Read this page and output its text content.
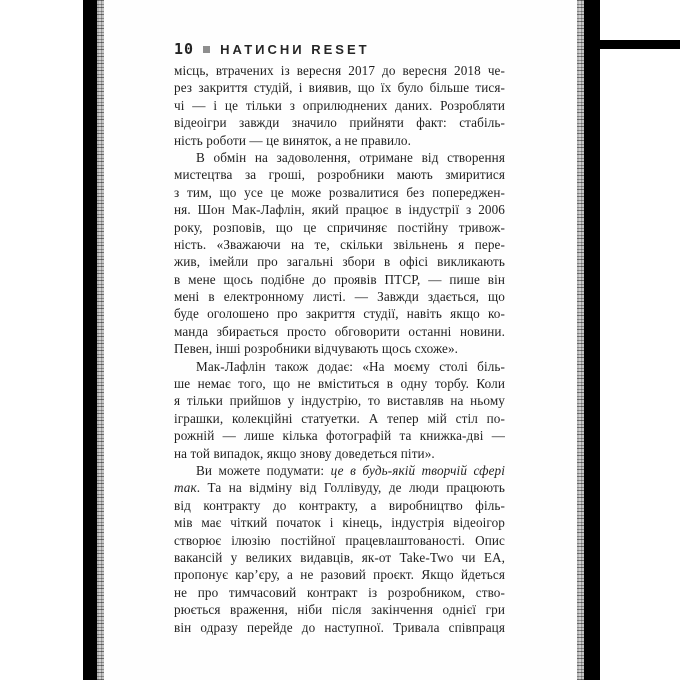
10 НАТИСНИ RESET
місць, втрачених із вересня 2017 до вересня 2018 че-
рез закриття студій, і виявив, що їх було більше тися-
чі — і це тільки з оприлюднених даних. Розробляти
відеоігри завжди значило прийняти факт: стабіль-
ність роботи — це виняток, а не правило.
В обмін на задоволення, отримане від створення
мистецтва за гроші, розробники мають змиритися
з тим, що усе це може розвалитися без попереджен-
ня. Шон Мак-Лафлін, який працює в індустрії з 2006
року, розповів, що це спричиняє постійну тривож-
ність. «Зважаючи на те, скільки звільнень я пере-
жив, імейли про загальні збори в офісі викликають
в мене щось подібне до проявів ПТСР, — пише він
мені в електронному листі. — Завжди здається, що
буде оголошено про закриття студії, навіть якщо ко-
манда збирається просто обговорити останні новини.
Певен, інші розробники відчувають щось схоже».
Мак-Лафлін також додає: «На моєму столі біль-
ше немає того, що не вміститься в одну торбу. Коли
я тільки прийшов у індустрію, то виставляв на ньому
іграшки, колекційні статуетки. А тепер мій стіл по-
рожній — лише кілька фотографій та книжка-дві —
на той випадок, якщо знову доведеться піти».
Ви можете подумати: це в будь-якій творчій сфері
так. Та на відміну від Голлівуду, де люди працюють
від контракту до контракту, а виробництво філь-
мів має чіткий початок і кінець, індустрія відеоігор
створює ілюзію постійної працевлаштованості. Опис
вакансій у великих видавців, як-от Take-Two чи EA,
пропонує кар’єру, а не разовий проєкт. Якщо йдеться
не про тимчасовий контракт із розробником, ство-
рюється враження, ніби після закінчення однієї гри
він одразу перейде до наступної. Тривала співпраця
